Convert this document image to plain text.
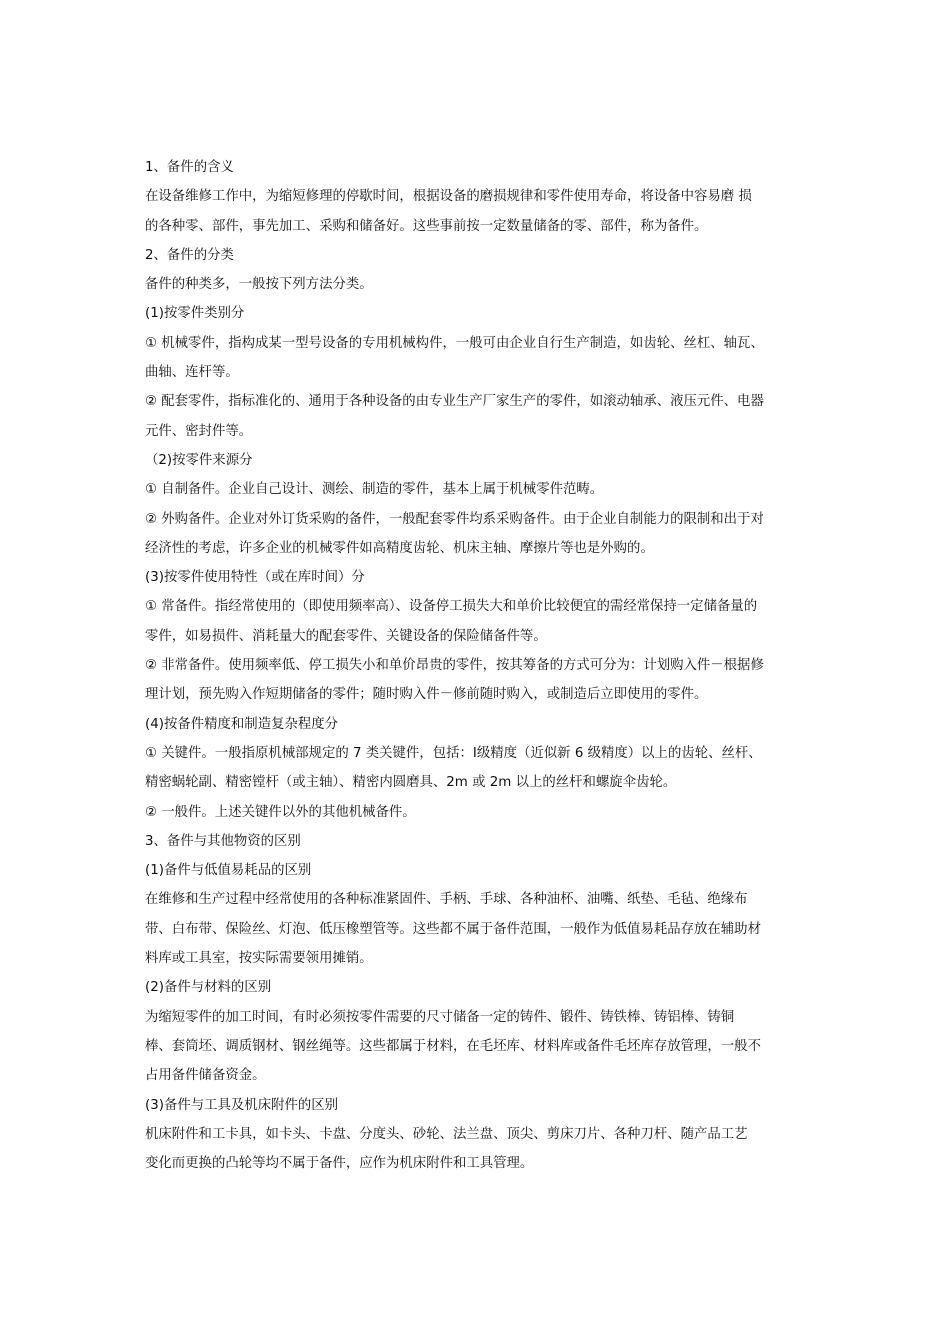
1、备件的含义
在设备维修工作中，为缩短修理的停歇时间，根据设备的磨损规律和零件使用寿命，将设备中容易磨 损
的各种零、部件，事先加工、采购和储备好。这些事前按一定数量储备的零、部件，称为备件。
2、备件的分类
备件的种类多，一般按下列方法分类。
(1)按零件类别分
① 机械零件，指构成某一型号设备的专用机械构件，一般可由企业自行生产制造，如齿轮、丝杠、轴瓦、
曲轴、连杆等。
② 配套零件，指标准化的、通用于各种设备的由专业生产厂家生产的零件，如滚动轴承、液压元件、电器
元件、密封件等。
（2)按零件来源分
① 自制备件。企业自己设计、测绘、制造的零件，基本上属于机械零件范畴。
② 外购备件。企业对外订货采购的备件，一般配套零件均系采购备件。由于企业自制能力的限制和出于对
经济性的考虑，许多企业的机械零件如高精度齿轮、机床主轴、摩擦片等也是外购的。
(3)按零件使用特性（或在库时间）分
① 常备件。指经常使用的（即使用频率高）、设备停工损失大和单价比较便宜的需经常保持一定储备量的
零件，如易损件、消耗量大的配套零件、关键设备的保险储备件等。
② 非常备件。使用频率低、停工损失小和单价昂贵的零件，按其筹备的方式可分为：计划购入件－根据修
理计划，预先购入作短期储备的零件；随时购入件－修前随时购入，或制造后立即使用的零件。
(4)按备件精度和制造复杂程度分
① 关键件。一般指原机械部规定的 7 类关键件，包括：Ⅰ级精度（近似新 6 级精度）以上的齿轮、丝杆、
精密蜗轮副、精密镗杆（或主轴）、精密内圆磨具、2m 或 2m 以上的丝杆和螺旋伞齿轮。
② 一般件。上述关键件以外的其他机械备件。
3、备件与其他物资的区别
(1)备件与低值易耗品的区别
在维修和生产过程中经常使用的各种标准紧固件、手柄、手球、各种油杯、油嘴、纸垫、毛毡、绝缘布
带、白布带、保险丝、灯泡、低压橡塑管等。这些都不属于备件范围，一般作为低值易耗品存放在辅助材
料库或工具室，按实际需要领用摊销。
(2)备件与材料的区别
为缩短零件的加工时间，有时必须按零件需要的尺寸储备一定的铸件、锻件、铸铁棒、铸铝棒、铸铜
棒、套筒坯、调质钢材、钢丝绳等。这些都属于材料，在毛坯库、材料库或备件毛坯库存放管理，一般不
占用备件储备资金。
(3)备件与工具及机床附件的区别
机床附件和工卡具，如卡头、卡盘、分度头、砂轮、法兰盘、顶尖、剪床刀片、各种刀杆、随产品工艺
变化而更换的凸轮等均不属于备件，应作为机床附件和工具管理。
